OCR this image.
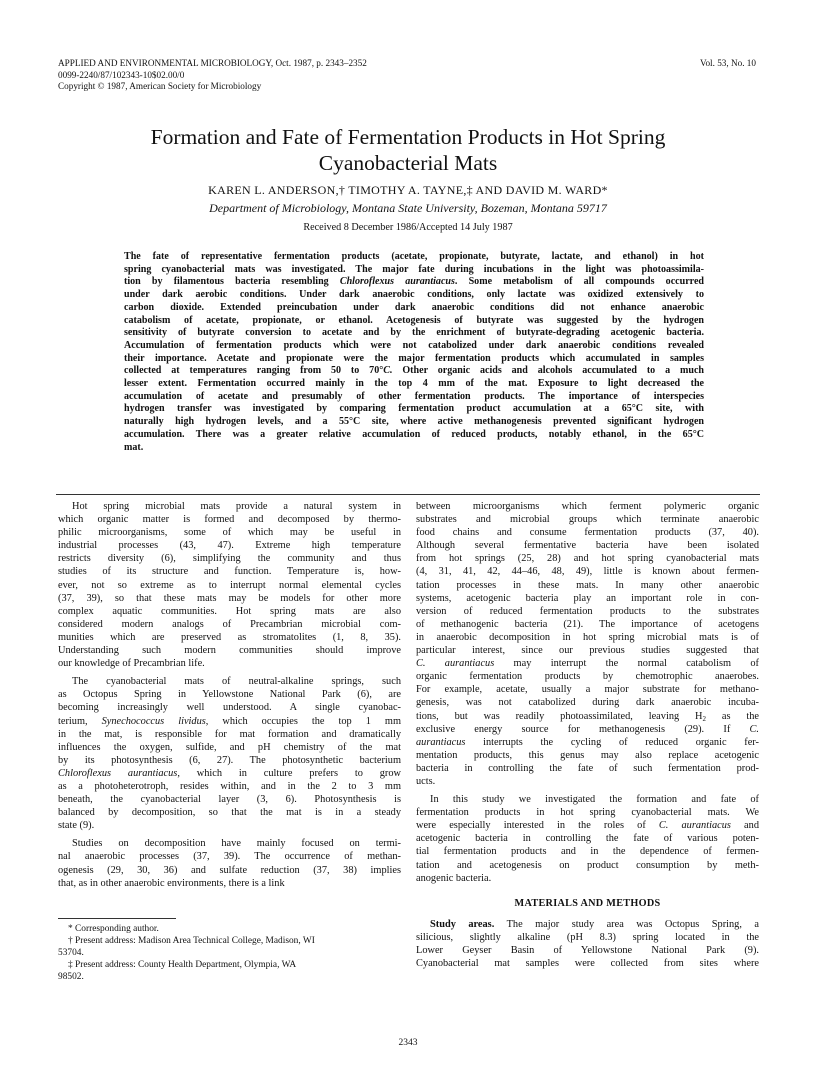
APPLIED AND ENVIRONMENTAL MICROBIOLOGY, Oct. 1987, p. 2343–2352
0099-2240/87/102343-10$02.00/0
Copyright © 1987, American Society for Microbiology
Vol. 53, No. 10
Formation and Fate of Fermentation Products in Hot Spring
Cyanobacterial Mats
KAREN L. ANDERSON,† TIMOTHY A. TAYNE,‡ AND DAVID M. WARD*
Department of Microbiology, Montana State University, Bozeman, Montana 59717
Received 8 December 1986/Accepted 14 July 1987
The fate of representative fermentation products (acetate, propionate, butyrate, lactate, and ethanol) in hot
spring cyanobacterial mats was investigated. The major fate during incubations in the light was photoassimila-
tion by filamentous bacteria resembling Chloroflexus aurantiacus. Some metabolism of all compounds occurred
under dark aerobic conditions. Under dark anaerobic conditions, only lactate was oxidized extensively to
carbon dioxide. Extended preincubation under dark anaerobic conditions did not enhance anaerobic
catabolism of acetate, propionate, or ethanol. Acetogenesis of butyrate was suggested by the hydrogen
sensitivity of butyrate conversion to acetate and by the enrichment of butyrate-degrading acetogenic bacteria.
Accumulation of fermentation products which were not catabolized under dark anaerobic conditions revealed
their importance. Acetate and propionate were the major fermentation products which accumulated in samples
collected at temperatures ranging from 50 to 70°C. Other organic acids and alcohols accumulated to a much
lesser extent. Fermentation occurred mainly in the top 4 mm of the mat. Exposure to light decreased the
accumulation of acetate and presumably of other fermentation products. The importance of interspecies
hydrogen transfer was investigated by comparing fermentation product accumulation at a 65°C site, with
naturally high hydrogen levels, and a 55°C site, where active methanogenesis prevented significant hydrogen
accumulation. There was a greater relative accumulation of reduced products, notably ethanol, in the 65°C
mat.

Hot spring microbial mats provide a natural system in
which organic matter is formed and decomposed by thermo-
philic microorganisms, some of which may be useful in
industrial processes (43, 47). Extreme high temperature
restricts diversity (6), simplifying the community and thus
studies of its structure and function. Temperature is, how-
ever, not so extreme as to interrupt normal elemental cycles
(37, 39), so that these mats may be models for other more
complex aquatic communities. Hot spring mats are also
considered modern analogs of Precambrian microbial com-
munities which are preserved as stromatolites (1, 8, 35).
Understanding such modern communities should improve
our knowledge of Precambrian life.

The cyanobacterial mats of neutral-alkaline springs, such
as Octopus Spring in Yellowstone National Park (6), are
becoming increasingly well understood. A single cyanobac-
terium, Synechococcus lividus, which occupies the top 1 mm
in the mat, is responsible for mat formation and dramatically
influences the oxygen, sulfide, and pH chemistry of the mat
by its photosynthesis (6, 27). The photosynthetic bacterium
Chloroflexus aurantiacus, which in culture prefers to grow
as a photoheterotroph, resides within, and in the 2 to 3 mm
beneath, the cyanobacterial layer (3, 6). Photosynthesis is
balanced by decomposition, so that the mat is in a steady
state (9).

Studies on decomposition have mainly focused on termi-
nal anaerobic processes (37, 39). The occurrence of methan-
ogenesis (29, 30, 36) and sulfate reduction (37, 38) implies
that, as in other anaerobic environments, there is a link

* Corresponding author.
† Present address: Madison Area Technical College, Madison, WI
53704.
‡ Present address: County Health Department, Olympia, WA
98502.

between microorganisms which ferment polymeric organic
substrates and microbial groups which terminate anaerobic
food chains and consume fermentation products (37, 40).
Although several fermentative bacteria have been isolated
from hot springs (25, 28) and hot spring cyanobacterial mats
(4, 31, 41, 42, 44–46, 48, 49), little is known about fermen-
tation processes in these mats. In many other anaerobic
systems, acetogenic bacteria play an important role in con-
version of reduced fermentation products to the substrates
of methanogenic bacteria (21). The importance of acetogens
in anaerobic decomposition in hot spring microbial mats is of
particular interest, since our previous studies suggested that
C. aurantiacus may interrupt the normal catabolism of
organic fermentation products by chemotrophic anaerobes.
For example, acetate, usually a major substrate for methano-
genesis, was not catabolized during dark anaerobic incuba-
tions, but was readily photoassimilated, leaving $H_2$ as the
exclusive energy source for methanogenesis (29). If C.
aurantiacus interrupts the cycling of reduced organic fer-
mentation products, this genus may also replace acetogenic
bacteria in controlling the fate of such fermentation prod-
ucts.

In this study we investigated the formation and fate of
fermentation products in hot spring cyanobacterial mats. We
were especially interested in the roles of C. aurantiacus and
acetogenic bacteria in controlling the fate of various poten-
tial fermentation products and in the dependence of fermen-
tation and acetogenesis on product consumption by meth-
anogenic bacteria.

MATERIALS AND METHODS

Study areas. The major study area was Octopus Spring, a
silicious, slightly alkaline (pH 8.3) spring located in the
Lower Geyser Basin of Yellowstone National Park (9).
Cyanobacterial mat samples were collected from sites where

2343
